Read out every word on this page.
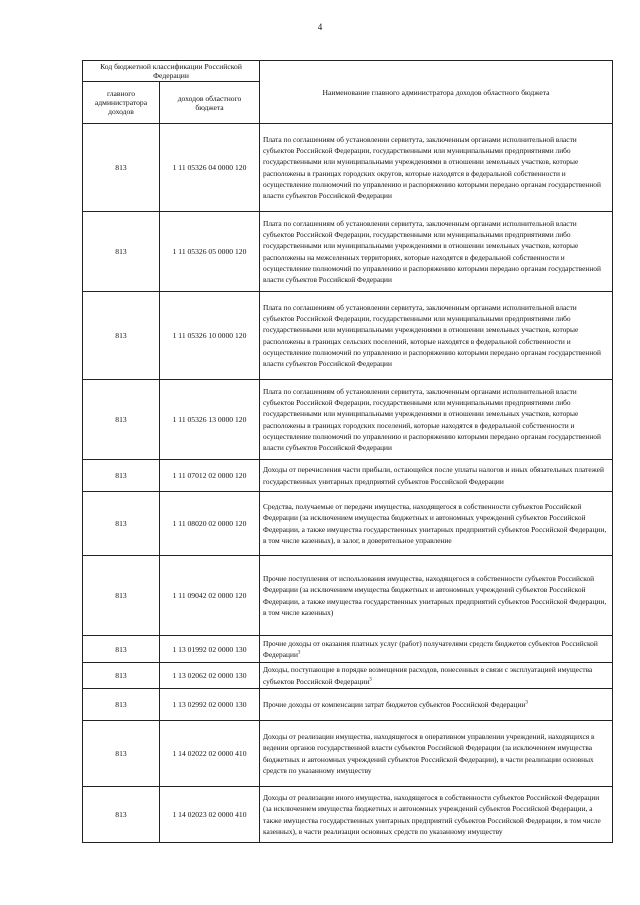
4
Код бюджетной классификации Российской Федерации		Наименование главного администратора доходов областного бюджета
главного администратора доходов	доходов областного бюджета	
813	1 11 05326 04 0000 120	Плата по соглашениям об установлении сервитута, заключенным органами исполнительной власти субъектов Российской Федерации, государственными или муниципальными предприятиями либо государственными или муниципальными учреждениями в отношении земельных участков, которые расположены в границах городских округов, которые находятся в федеральной собственности и осуществление полномочий по управлению и распоряжению которыми передано органам государственной власти субъектов Российской Федерации
813	1 11 05326 05 0000 120	Плата по соглашениям об установлении сервитута, заключенным органами исполнительной власти субъектов Российской Федерации, государственными или муниципальными предприятиями либо государственными или муниципальными учреждениями в отношении земельных участков, которые расположены на межселенных территориях, которые находятся в федеральной собственности и осуществление полномочий по управлению и распоряжению которыми передано органам государственной власти субъектов Российской Федерации
813	1 11 05326 10 0000 120	Плата по соглашениям об установлении сервитута, заключенным органами исполнительной власти субъектов Российской Федерации, государственными или муниципальными предприятиями либо государственными или муниципальными учреждениями в отношении земельных участков, которые расположены в границах сельских поселений, которые находятся в федеральной собственности и осуществление полномочий по управлению и распоряжению которыми передано органам государственной власти субъектов Российской Федерации
813	1 11 05326 13 0000 120	Плата по соглашениям об установлении сервитута, заключенным органами исполнительной власти субъектов Российской Федерации, государственными или муниципальными предприятиями либо государственными или муниципальными учреждениями в отношении земельных участков, которые расположены в границах городских поселений, которые находятся в федеральной собственности и осуществление полномочий по управлению и распоряжению которыми передано органам государственной власти субъектов Российской Федерации
813	1 11 07012 02 0000 120	Доходы от перечисления части прибыли, остающейся после уплаты налогов и иных обязательных платежей государственных унитарных предприятий субъектов Российской Федерации
813	1 11 08020 02 0000 120	Средства, получаемые от передачи имущества, находящегося в собственности субъектов Российской Федерации (за исключением имущества бюджетных и автономных учреждений субъектов Российской Федерации, а также имущества государственных унитарных предприятий субъектов Российской Федерации, в том числе казенных), в залог, в доверительное управление
813	1 11 09042 02 0000 120	Прочие поступления от использования имущества, находящегося в собственности субъектов Российской Федерации (за исключением имущества бюджетных и автономных учреждений субъектов Российской Федерации, а также имущества государственных унитарных предприятий субъектов Российской Федерации, в том числе казенных)
813	1 13 01992 02 0000 130	Прочие доходы от оказания платных услуг (работ) получателями средств бюджетов субъектов Российской Федерации$^3$
813	1 13 02062 02 0000 130	Доходы, поступающие в порядке возмещения расходов, понесенных в связи с эксплуатацией имущества субъектов Российской Федерации$^3$
813	1 13 02992 02 0000 130	Прочие доходы от компенсации затрат бюджетов субъектов Российской Федерации$^3$
813	1 14 02022 02 0000 410	Доходы от реализации имущества, находящегося в оперативном управлении учреждений, находящихся в ведении органов государственной власти субъектов Российской Федерации (за исключением имущества бюджетных и автономных учреждений субъектов Российской Федерации), в части реализации основных средств по указанному имуществу
813	1 14 02023 02 0000 410	Доходы от реализации иного имущества, находящегося в собственности субъектов Российской Федерации (за исключением имущества бюджетных и автономных учреждений субъектов Российской Федерации, а также имущества государственных унитарных предприятий субъектов Российской Федерации, в том числе казенных), в части реализации основных средств по указанному имуществу
